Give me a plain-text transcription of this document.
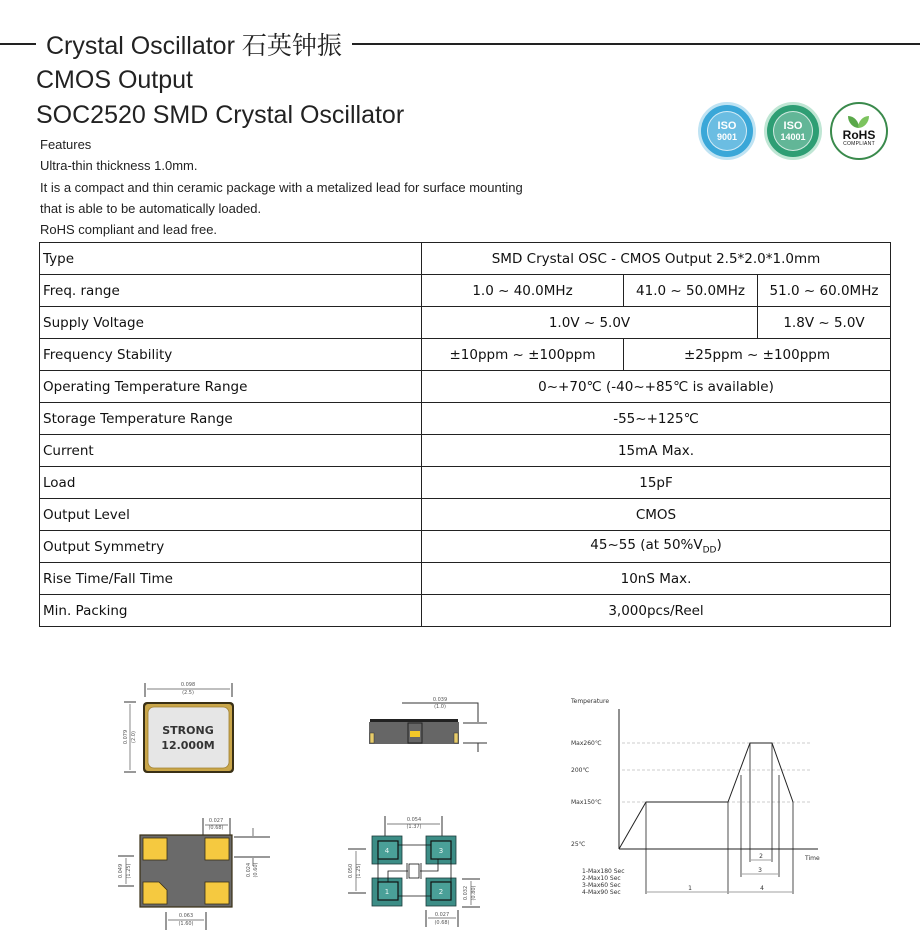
Crystal Oscillator 石英钟振
CMOS Output
SOC2520 SMD Crystal Oscillator
Features
Ultra-thin thickness 1.0mm.
It is a compact and thin ceramic package with a metalized lead for surface mounting
that is able to be automatically loaded.
RoHS compliant and lead free.
ISO
9001
ISO
14001	RoHS
COMPLIANT
Type	SMD Crystal OSC - CMOS Output 2.5*2.0*1.0mm		
Freq. range	1.0 ~ 40.0MHz	41.0 ~ 50.0MHz	51.0 ~ 60.0MHz
Supply Voltage	1.0V ~ 5.0V		1.8V ~ 5.0V
Frequency Stability	±10ppm ~ ±100ppm	±25ppm ~ ±100ppm	
Operating Temperature Range	0~+70℃ (-40~+85℃ is available)		
Storage Temperature Range	-55~+125℃		
Current	15mA Max.		
Load	15pF		
Output Level	CMOS		
Output Symmetry	45~55 (at $50\%V_{DD}$)		
Rise Time/Fall Time	10nS Max.		
Min. Packing	3,000pcs/Reel		
0.098
(2.5)
0.079 (2.0) STRONG
12.000M
0.039
(1.0)
0.027
(0.68)
0.049 (1.25)
0.063
(1.60)
0.024 (0.60)
0.054
(1.37)
0.050 (1.25)
4	3
1	2	0.032 (0.80)
0.027
(0.68)
Temperature
Max260℃
200℃
Max150℃
25℃
Time
2
3
1	4
1-Max180 Sec
2-Max10 Sec
3-Max60 Sec
4-Max90 Sec
